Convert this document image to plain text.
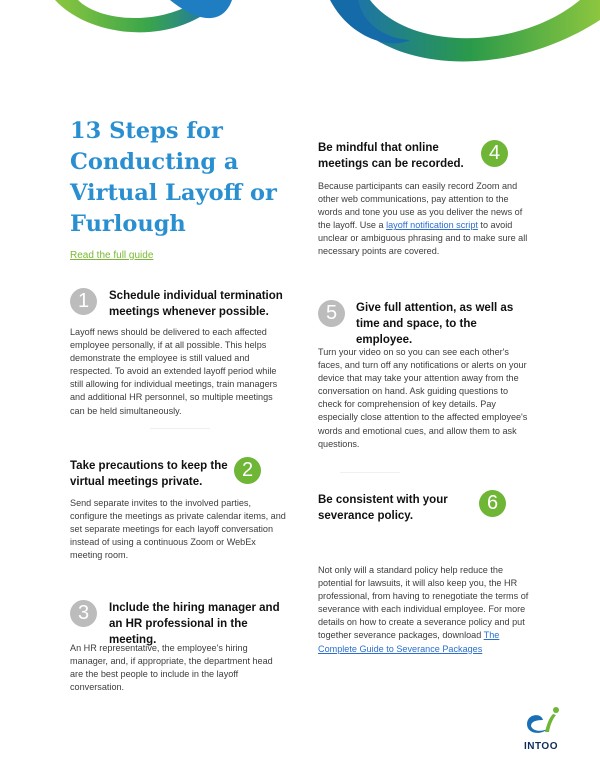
13 Steps for Conducting a Virtual Layoff or Furlough
Read the full guide
1	Schedule individual termination meetings whenever possible.

Layoff news should be delivered to each affected employee personally, if at all possible. This helps demonstrate the employee is still valued and respected. To avoid an extended layoff period while still allowing for individual meetings, train managers and additional HR personnel, so multiple meetings can be held simultaneously.

Take precautions to keep the virtual meetings private.
2

Send separate invites to the involved parties, configure the meetings as private calendar items, and set separate meetings for each layoff conversation instead of using a continuous Zoom or WebEx meeting room.

3	Include the hiring manager and an HR professional in the meeting.

An HR representative, the employee's hiring manager, and, if appropriate, the department head are the best people to include in the layoff conversation.

Be mindful that online meetings can be recorded.	4

Because participants can easily record Zoom and other web communications, pay attention to the words and tone you use as you deliver the news of the layoff. Use a layoff notification script to avoid unclear or ambiguous phrasing and to make sure all necessary points are covered.

5	Give full attention, as well as time and space, to the employee.

Turn your video on so you can see each other's faces, and turn off any notifications or alerts on your device that may take your attention away from the conversation on hand. Ask guiding questions to check for comprehension of key details. Pay especially close attention to the affected employee's words and emotional cues, and allow them to ask questions.

Be consistent with your severance policy.
6

Not only will a standard policy help reduce the potential for lawsuits, it will also keep you, the HR professional, from having to renegotiate the terms of severance with each individual employee. For more details on how to create a severance policy and put together severance packages, download The Complete Guide to Severance Packages

INTOO
